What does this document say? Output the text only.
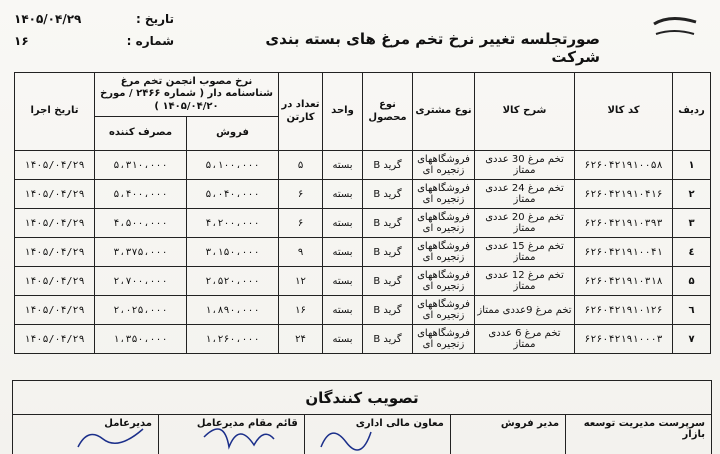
تاریخ :
۱۴۰۵/۰۴/۲۹
شماره :
۱۶	صورتجلسه تغییر نرخ تخم مرغ های بسته بندی شرکت
ردیف	کد کالا	شرح کالا	نوع مشتری	نوع محصول	واحد	تعداد در کارتن	نرخ مصوب انجمن تخم مرغ شناسنامه دار ( شماره ۲۴۶۶ / مورخ ۱۴۰۵/۰۴/۲۰ )		تاریخ اجرا
							فروش	مصرف کننده	
۱	۶۲۶۰۴۲۱۹۱۰۰۵۸	تخم مرغ 30 عددی ممتاز	فروشگاههای زنجیره ای	گرید B	بسته	۵	۵،۱۰۰،۰۰۰	۵،۳۱۰،۰۰۰	۱۴۰۵/۰۴/۲۹
۲	۶۲۶۰۴۲۱۹۱۰۴۱۶	تخم مرغ 24 عددی ممتاز	فروشگاههای زنجیره ای	گرید B	بسته	۶	۵،۰۴۰،۰۰۰	۵،۴۰۰،۰۰۰	۱۴۰۵/۰۴/۲۹
۳	۶۲۶۰۴۲۱۹۱۰۳۹۳	تخم مرغ 20 عددی ممتاز	فروشگاههای زنجیره ای	گرید B	بسته	۶	۴،۲۰۰،۰۰۰	۴،۵۰۰،۰۰۰	۱۴۰۵/۰۴/۲۹
٤	۶۲۶۰۴۲۱۹۱۰۰۴۱	تخم مرغ 15 عددی ممتاز	فروشگاههای زنجیره ای	گرید B	بسته	۹	۳،۱۵۰،۰۰۰	۳،۳۷۵،۰۰۰	۱۴۰۵/۰۴/۲۹
۵	۶۲۶۰۴۲۱۹۱۰۳۱۸	تخم مرغ 12 عددی ممتاز	فروشگاههای زنجیره ای	گرید B	بسته	۱۲	۲،۵۲۰،۰۰۰	۲،۷۰۰،۰۰۰	۱۴۰۵/۰۴/۲۹
٦	۶۲۶۰۴۲۱۹۱۰۱۲۶	تخم مرغ 9عددی ممتاز	فروشگاههای زنجیره ای	گرید B	بسته	۱۶	۱،۸۹۰،۰۰۰	۲،۰۲۵،۰۰۰	۱۴۰۵/۰۴/۲۹
۷	۶۲۶۰۴۲۱۹۱۰۰۰۳	تخم مرغ 6 عددی ممتاز	فروشگاههای زنجیره ای	گرید B	بسته	۲۴	۱،۲۶۰،۰۰۰	۱،۳۵۰،۰۰۰	۱۴۰۵/۰۴/۲۹
تصویب کنندگان
سرپرست مدیریت توسعه بازار
مدیر فروش
معاون مالی اداری
قائم مقام مدیرعامل
مدیرعامل
